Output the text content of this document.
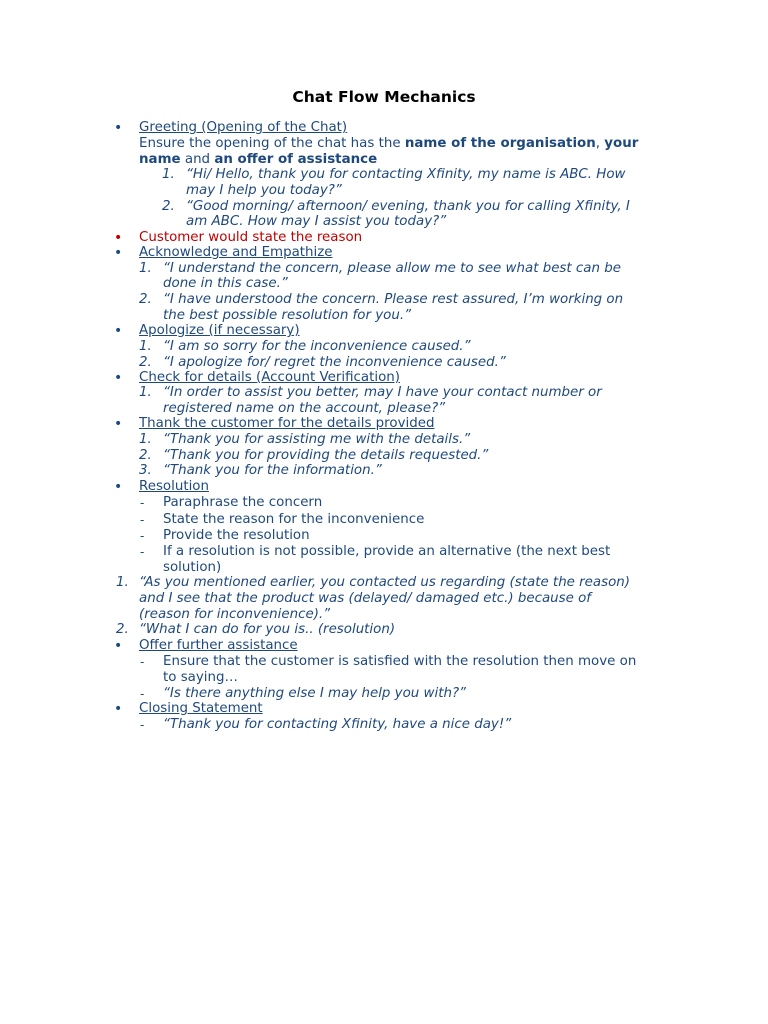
Chat Flow Mechanics
• Greeting (Opening of the Chat)
Ensure the opening of the chat has the name of the organisation, your
name and an offer of assistance
1. “Hi/ Hello, thank you for contacting Xfinity, my name is ABC. How
may I help you today?”
2. “Good morning/ afternoon/ evening, thank you for calling Xfinity, I
am ABC. How may I assist you today?”
• Customer would state the reason
• Acknowledge and Empathize
1. “I understand the concern, please allow me to see what best can be
done in this case.”
2. “I have understood the concern. Please rest assured, I’m working on
the best possible resolution for you.”
• Apologize (if necessary)
1. “I am so sorry for the inconvenience caused.”
2. “I apologize for/ regret the inconvenience caused.”
• Check for details (Account Verification)
1. “In order to assist you better, may I have your contact number or
registered name on the account, please?”
• Thank the customer for the details provided
1. “Thank you for assisting me with the details.”
2. “Thank you for providing the details requested.”
3. “Thank you for the information.”
• Resolution
- Paraphrase the concern
- State the reason for the inconvenience
- Provide the resolution
- If a resolution is not possible, provide an alternative (the next best
solution)
1. “As you mentioned earlier, you contacted us regarding (state the reason)
and I see that the product was (delayed/ damaged etc.) because of
(reason for inconvenience).”
2. “What I can do for you is.. (resolution)
• Offer further assistance
- Ensure that the customer is satisfied with the resolution then move on
to saying…
- “Is there anything else I may help you with?”
• Closing Statement
- “Thank you for contacting Xfinity, have a nice day!”
